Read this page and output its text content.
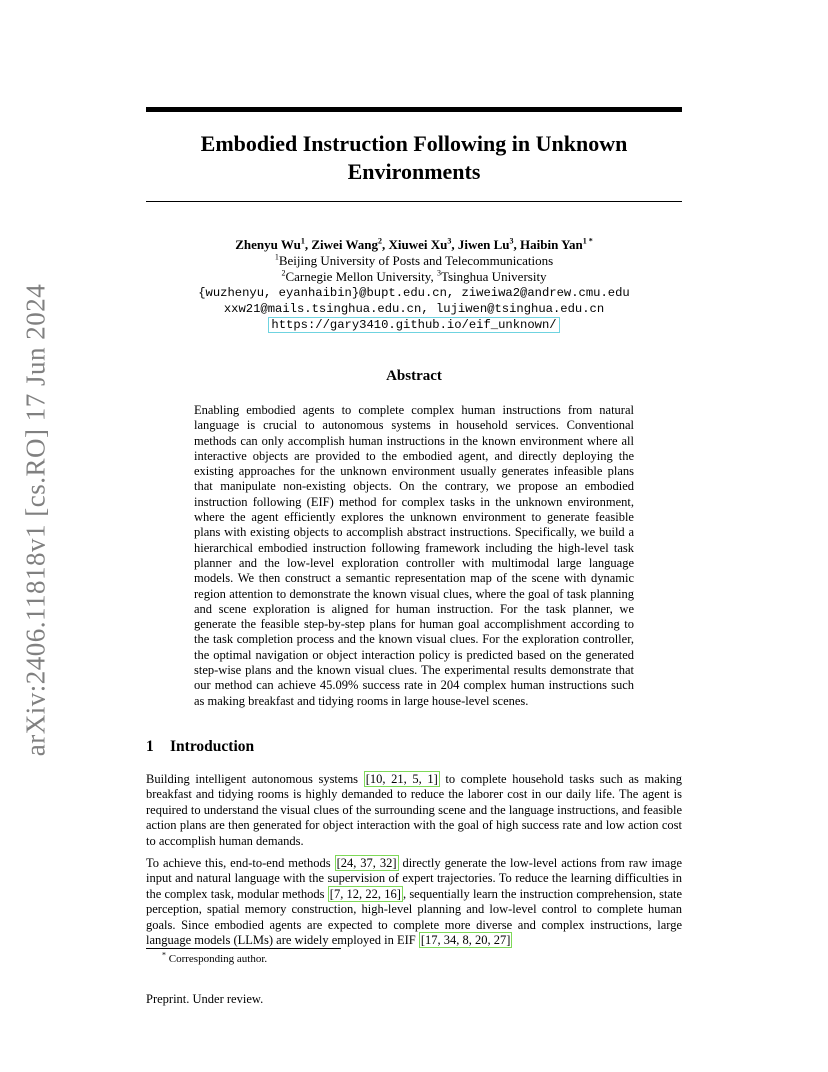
arXiv:2406.11818v1 [cs.RO] 17 Jun 2024
Embodied Instruction Following in Unknown
Environments
Zhenyu Wu$^1$, Ziwei Wang$^2$, Xiuwei Xu$^3$, Jiwen Lu$^3$, Haibin Yan$^{1 *}$
$^1$Beijing University of Posts and Telecommunications
$^2$Carnegie Mellon University, $^3$Tsinghua University
{wuzhenyu, eyanhaibin}@bupt.edu.cn, ziweiwa2@andrew.cmu.edu
xxw21@mails.tsinghua.edu.cn, lujiwen@tsinghua.edu.cn
https://gary3410.github.io/eif_unknown/
Abstract
Enabling embodied agents to complete complex human instructions from natural language is crucial to autonomous systems in household services. Conventional methods can only accomplish human instructions in the known environment where all interactive objects are provided to the embodied agent, and directly deploying the existing approaches for the unknown environment usually generates infeasible plans that manipulate non-existing objects. On the contrary, we propose an embodied instruction following (EIF) method for complex tasks in the unknown environment, where the agent efficiently explores the unknown environment to generate feasible plans with existing objects to accomplish abstract instructions. Specifically, we build a hierarchical embodied instruction following framework including the high-level task planner and the low-level exploration controller with multimodal large language models. We then construct a semantic representation map of the scene with dynamic region attention to demonstrate the known visual clues, where the goal of task planning and scene exploration is aligned for human instruction. For the task planner, we generate the feasible step-by-step plans for human goal accomplishment according to the task completion process and the known visual clues. For the exploration controller, the optimal navigation or object interaction policy is predicted based on the generated step-wise plans and the known visual clues. The experimental results demonstrate that our method can achieve 45.09% success rate in 204 complex human instructions such as making breakfast and tidying rooms in large house-level scenes.
1 Introduction
Building intelligent autonomous systems [10, 21, 5, 1] to complete household tasks such as making breakfast and tidying rooms is highly demanded to reduce the laborer cost in our daily life. The agent is required to understand the visual clues of the surrounding scene and the language instructions, and feasible action plans are then generated for object interaction with the goal of high success rate and low action cost to accomplish human demands.
To achieve this, end-to-end methods [24, 37, 32] directly generate the low-level actions from raw image input and natural language with the supervision of expert trajectories. To reduce the learning difficulties in the complex task, modular methods [7, 12, 22, 16] , sequentially learn the instruction comprehension, state perception, spatial memory construction, high-level planning and low-level control to complete human goals. Since embodied agents are expected to complete more diverse and complex instructions, large language models (LLMs) are widely employed in EIF [17, 34, 8, 20, 27]
* Corresponding author.
Preprint. Under review.
